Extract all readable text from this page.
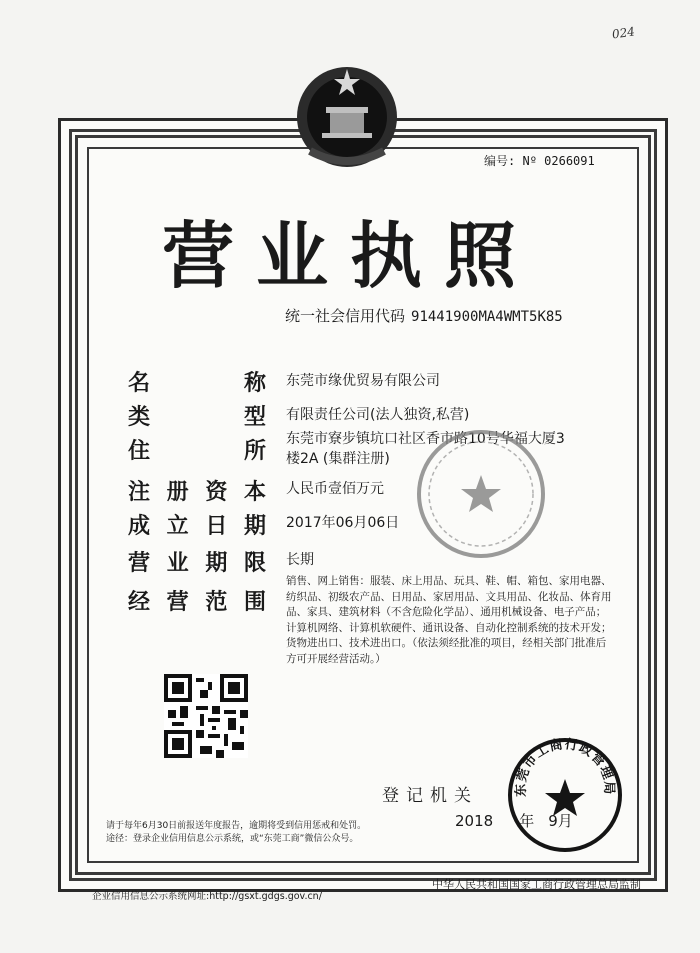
024
编号: Nº 0266091
营业执照
统一社会信用代码 91441900MA4WMT5K85
名	称 东莞市缘优贸易有限公司
类	型 有限责任公司(法人独资,私营)
住	所 东莞市寮步镇坑口社区香市路10号华福大厦3
楼2A (集群注册)
注 册 资 本 人民币壹佰万元
成 立 日 期 2017年06月06日
营 业 期 限 长期
经 营 范 围
销售、网上销售：服装、床上用品、玩具、鞋、帽、箱包、家用电器、纺织品、初级农产品、日用品、家居用品、文具用品、化妆品、体育用品、家具、建筑材料（不含危险化学品）、通用机械设备、电子产品；计算机网络、计算机软硬件、通讯设备、自动化控制系统的技术开发；货物进出口、技术进出口。（依法须经批准的项目，经相关部门批准后方可开展经营活动。）
请于每年6月30日前报送年度报告，逾期将受到信用惩戒和处罚。
途径：登录企业信用信息公示系统，或“东莞工商”微信公众号。
登记机关
2018 年 9月
东莞市工商行政管理局
企业信用信息公示系统网址:http://gsxt.gdgs.gov.cn/
中华人民共和国国家工商行政管理总局监制
